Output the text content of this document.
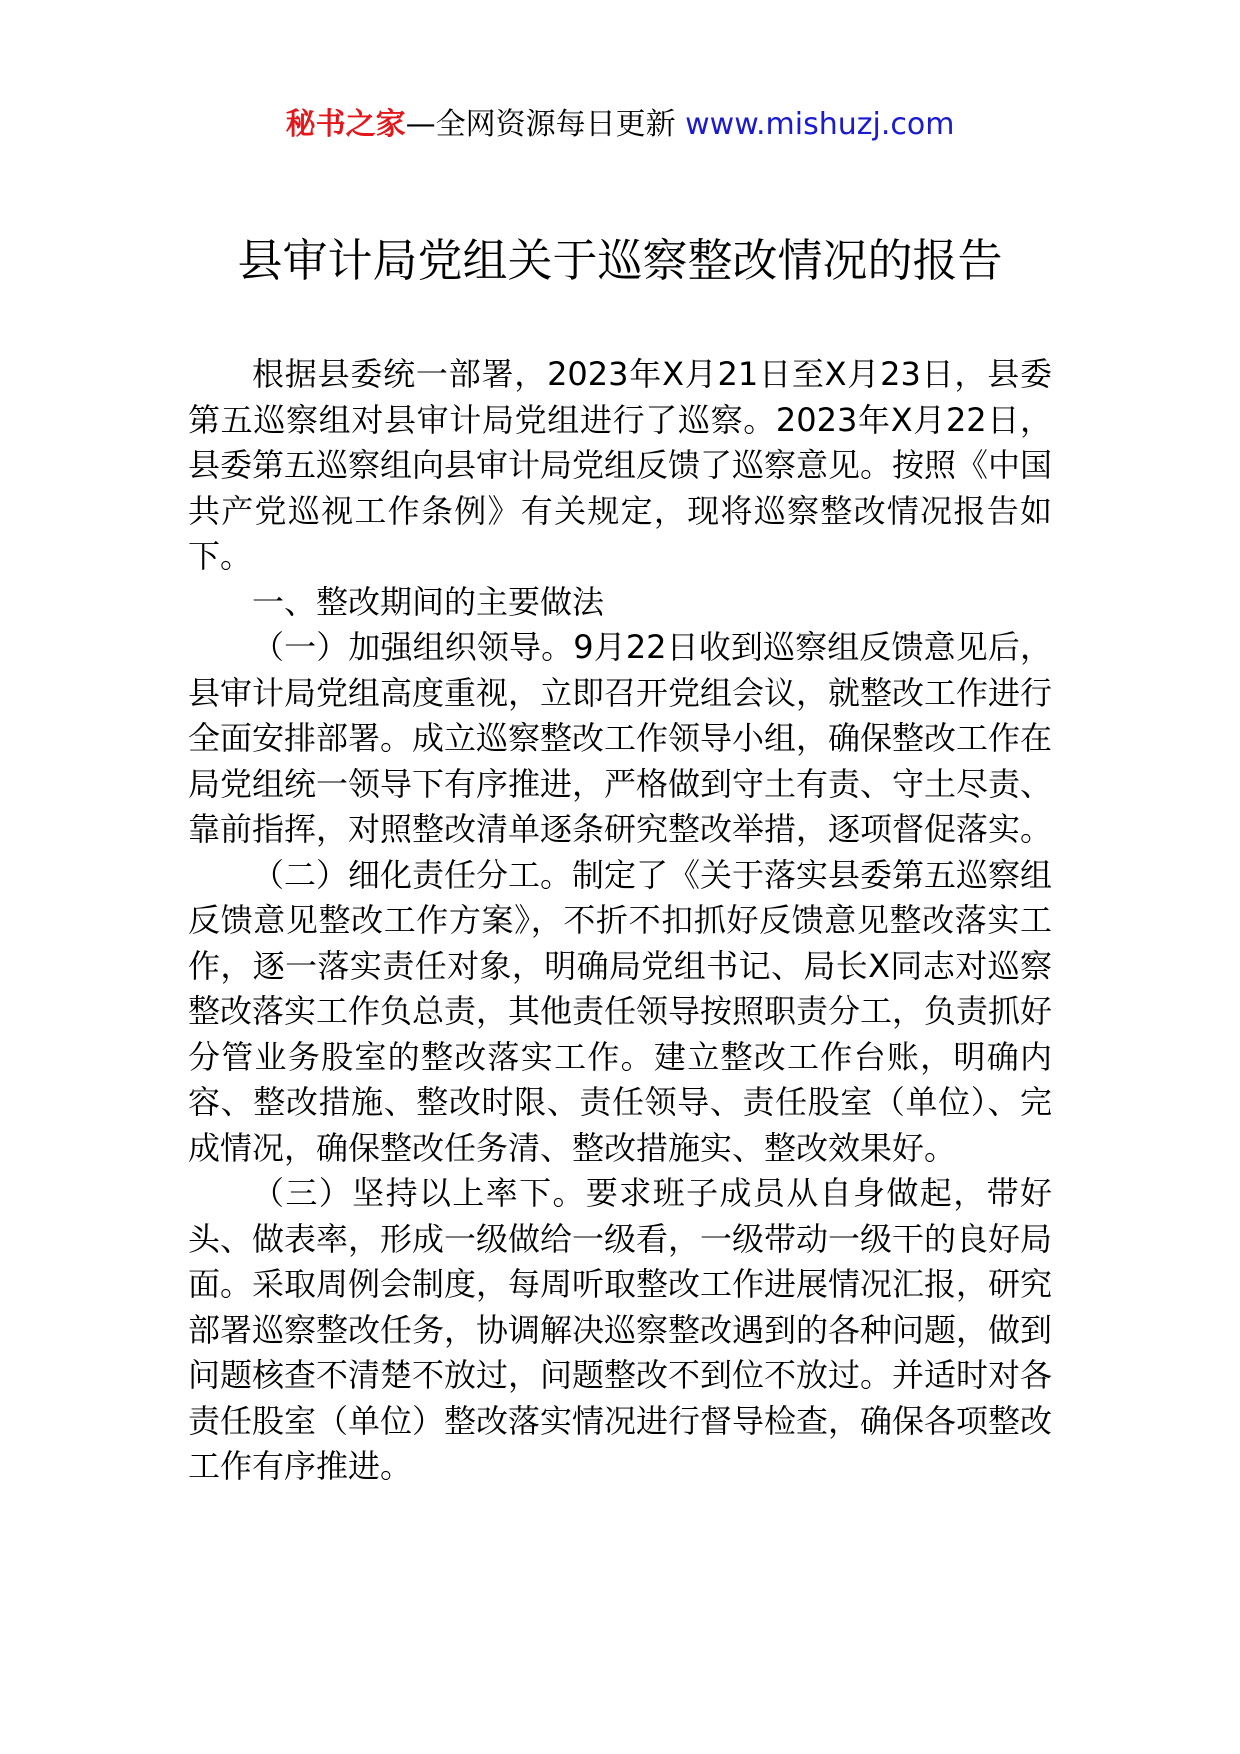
秘书之家—全网资源每日更新 www.mishuzj.com
县审计局党组关于巡察整改情况的报告

根据县委统一部署，2023年X月21日至X月23日，县委第五巡察组对县审计局党组进行了巡察。2023年X月22日，县委第五巡察组向县审计局党组反馈了巡察意见。按照《中国共产党巡视工作条例》有关规定，现将巡察整改情况报告如下。

一、整改期间的主要做法

（一）加强组织领导。9月22日收到巡察组反馈意见后，县审计局党组高度重视，立即召开党组会议，就整改工作进行全面安排部署。成立巡察整改工作领导小组，确保整改工作在局党组统一领导下有序推进，严格做到守土有责、守土尽责、靠前指挥，对照整改清单逐条研究整改举措，逐项督促落实。

（二）细化责任分工。制定了《关于落实县委第五巡察组反馈意见整改工作方案》，不折不扣抓好反馈意见整改落实工作，逐一落实责任对象，明确局党组书记、局长X同志对巡察整改落实工作负总责，其他责任领导按照职责分工，负责抓好分管业务股室的整改落实工作。建立整改工作台账，明确内容、整改措施、整改时限、责任领导、责任股室（单位）、完成情况，确保整改任务清、整改措施实、整改效果好。

（三）坚持以上率下。要求班子成员从自身做起，带好头、做表率，形成一级做给一级看，一级带动一级干的良好局面。采取周例会制度，每周听取整改工作进展情况汇报，研究部署巡察整改任务，协调解决巡察整改遇到的各种问题，做到问题核查不清楚不放过，问题整改不到位不放过。并适时对各责任股室（单位）整改落实情况进行督导检查，确保各项整改工作有序推进。
